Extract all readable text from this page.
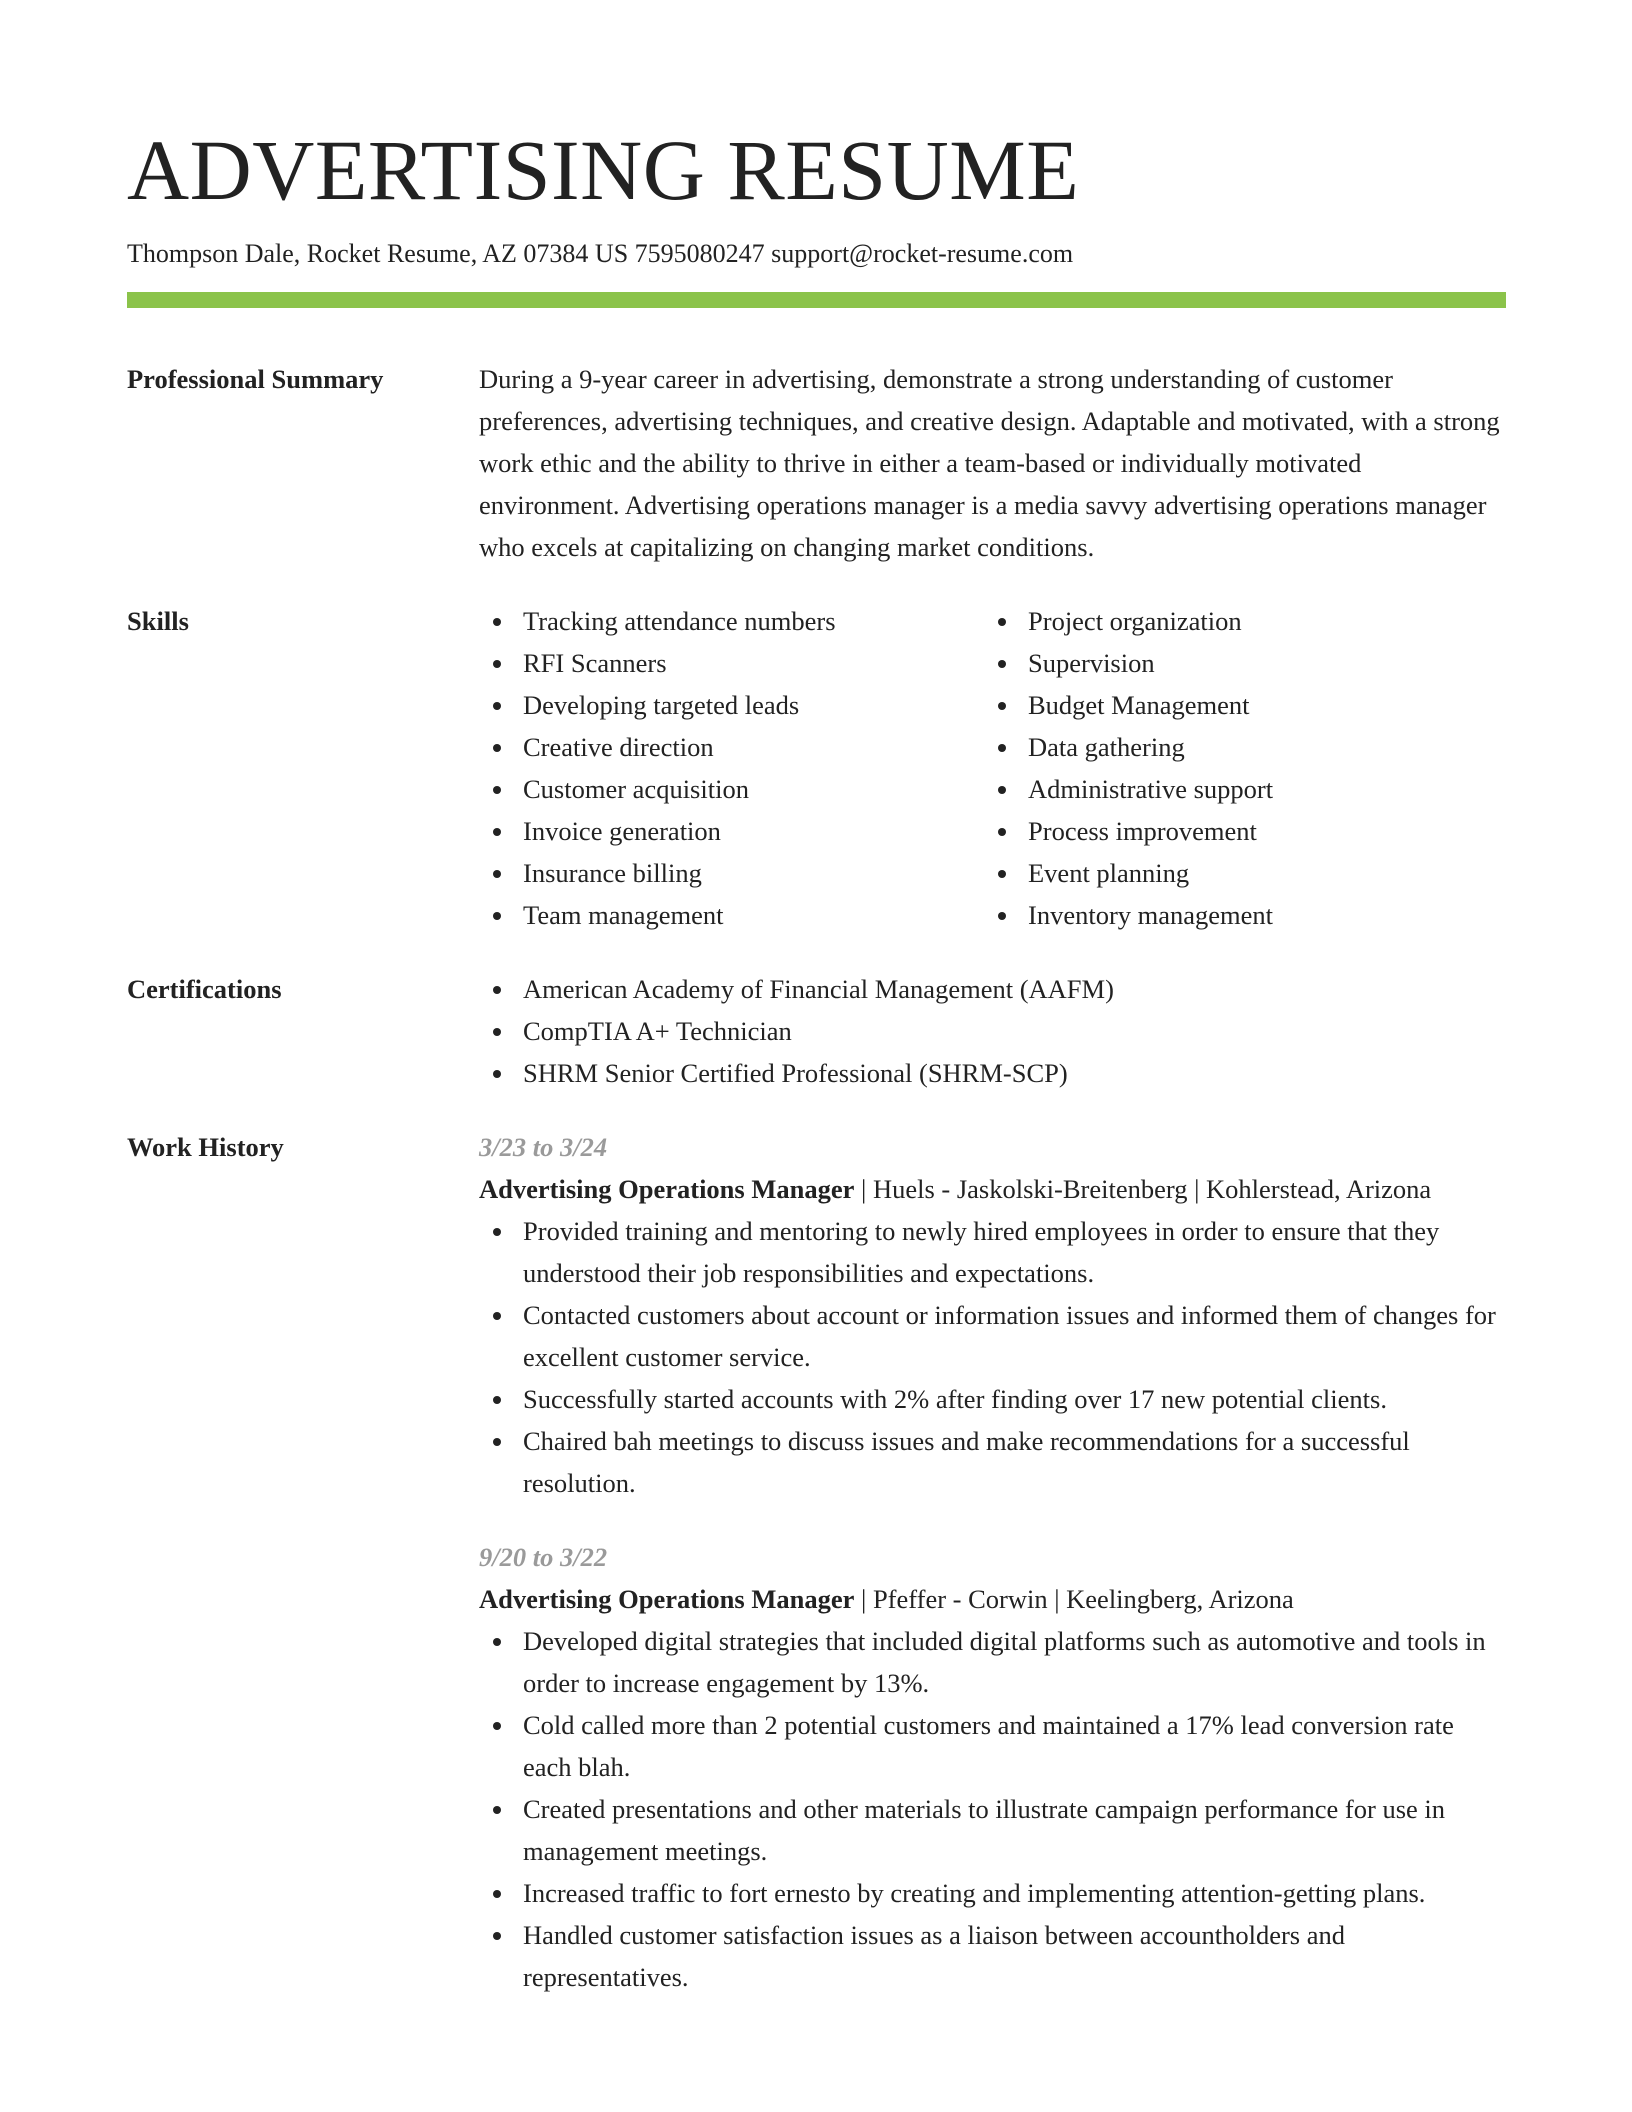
ADVERTISING RESUME
Thompson Dale, Rocket Resume, AZ 07384 US 7595080247 support@rocket-resume.com
Professional Summary	During a 9-year career in advertising, demonstrate a strong understanding of customer preferences, advertising techniques, and creative design. Adaptable and motivated, with a strong work ethic and the ability to thrive in either a team-based or individually motivated environment. Advertising operations manager is a media savvy advertising operations manager who excels at capitalizing on changing market conditions.
Skills	Tracking attendance numbers
RFI Scanners
Developing targeted leads
Creative direction
Customer acquisition
Invoice generation
Insurance billing
Team management
Project organization
Supervision
Budget Management
Data gathering
Administrative support
Process improvement
Event planning
Inventory management
Certifications	American Academy of Financial Management (AAFM)
CompTIA A+ Technician
SHRM Senior Certified Professional (SHRM-SCP)
Work History	3/23 to 3/24
Advertising Operations Manager | Huels - Jaskolski-Breitenberg | Kohlerstead, Arizona
Provided training and mentoring to newly hired employees in order to ensure that they understood their job responsibilities and expectations.
Contacted customers about account or information issues and informed them of changes for excellent customer service.
Successfully started accounts with 2% after finding over 17 new potential clients.
Chaired bah meetings to discuss issues and make recommendations for a successful resolution.
9/20 to 3/22
Advertising Operations Manager | Pfeffer - Corwin | Keelingberg, Arizona
Developed digital strategies that included digital platforms such as automotive and tools in order to increase engagement by 13%.
Cold called more than 2 potential customers and maintained a 17% lead conversion rate each blah.
Created presentations and other materials to illustrate campaign performance for use in management meetings.
Increased traffic to fort ernesto by creating and implementing attention-getting plans.
Handled customer satisfaction issues as a liaison between accountholders and representatives.
